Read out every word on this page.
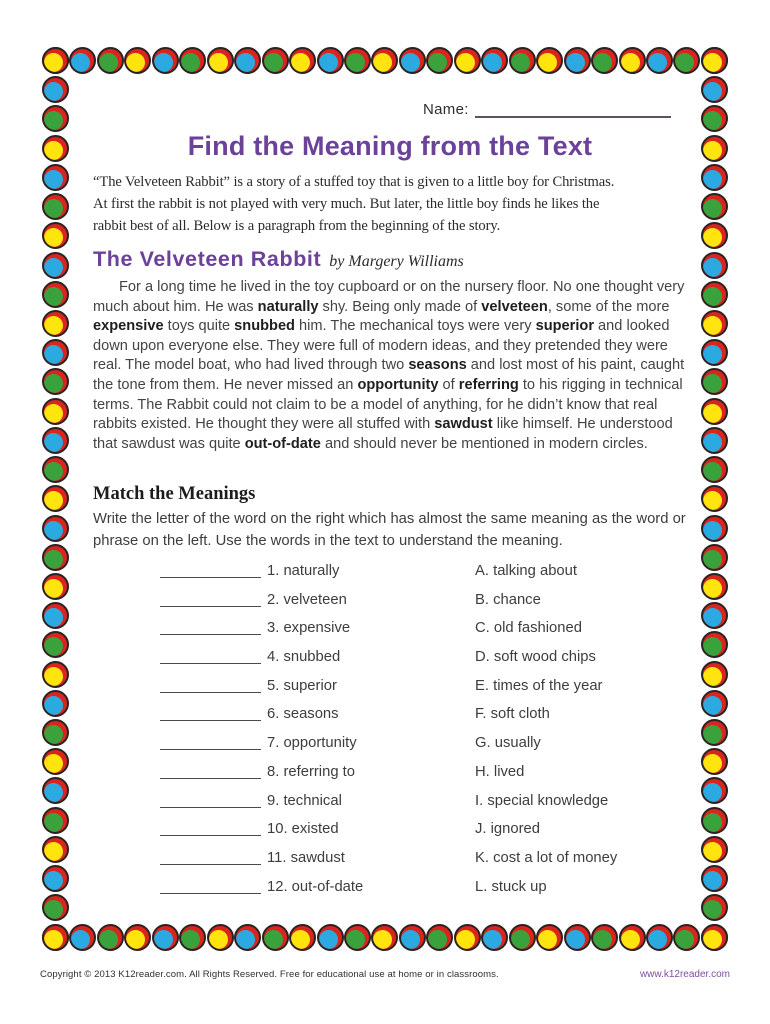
Name:
Find the Meaning from the Text
“The Velveteen Rabbit” is a story of a stuffed toy that is given to a little boy for Christmas.
At first the rabbit is not played with very much. But later, the little boy finds he likes the
rabbit best of all. Below is a paragraph from the beginning of the story.
The Velveteen Rabbit by Margery Williams
For a long time he lived in the toy cupboard or on the nursery floor. No one thought very much about him. He was naturally shy. Being only made of velveteen, some of the more expensive toys quite snubbed him. The mechanical toys were very superior and looked down upon everyone else. They were full of modern ideas, and they pretended they were real. The model boat, who had lived through two seasons and lost most of his paint, caught the tone from them. He never missed an opportunity of referring to his rigging in technical terms. The Rabbit could not claim to be a model of anything, for he didn’t know that real rabbits existed. He thought they were all stuffed with sawdust like himself. He understood that sawdust was quite out-of-date and should never be mentioned in modern circles.
Match the Meanings
Write the letter of the word on the right which has almost the same meaning as the word or phrase on the left. Use the words in the text to understand the meaning.
1. naturally	A. talking about
2. velveteen	B. chance
3. expensive	C. old fashioned
4. snubbed	D. soft wood chips
5. superior	E. times of the year
6. seasons	F. soft cloth
7. opportunity	G. usually
8. referring to	H. lived
9. technical	I. special knowledge
10. existed	J. ignored
11. sawdust	K. cost a lot of money
12. out-of-date	L. stuck up
Copyright © 2013 K12reader.com. All Rights Reserved. Free for educational use at home or in classrooms.	www.k12reader.com
